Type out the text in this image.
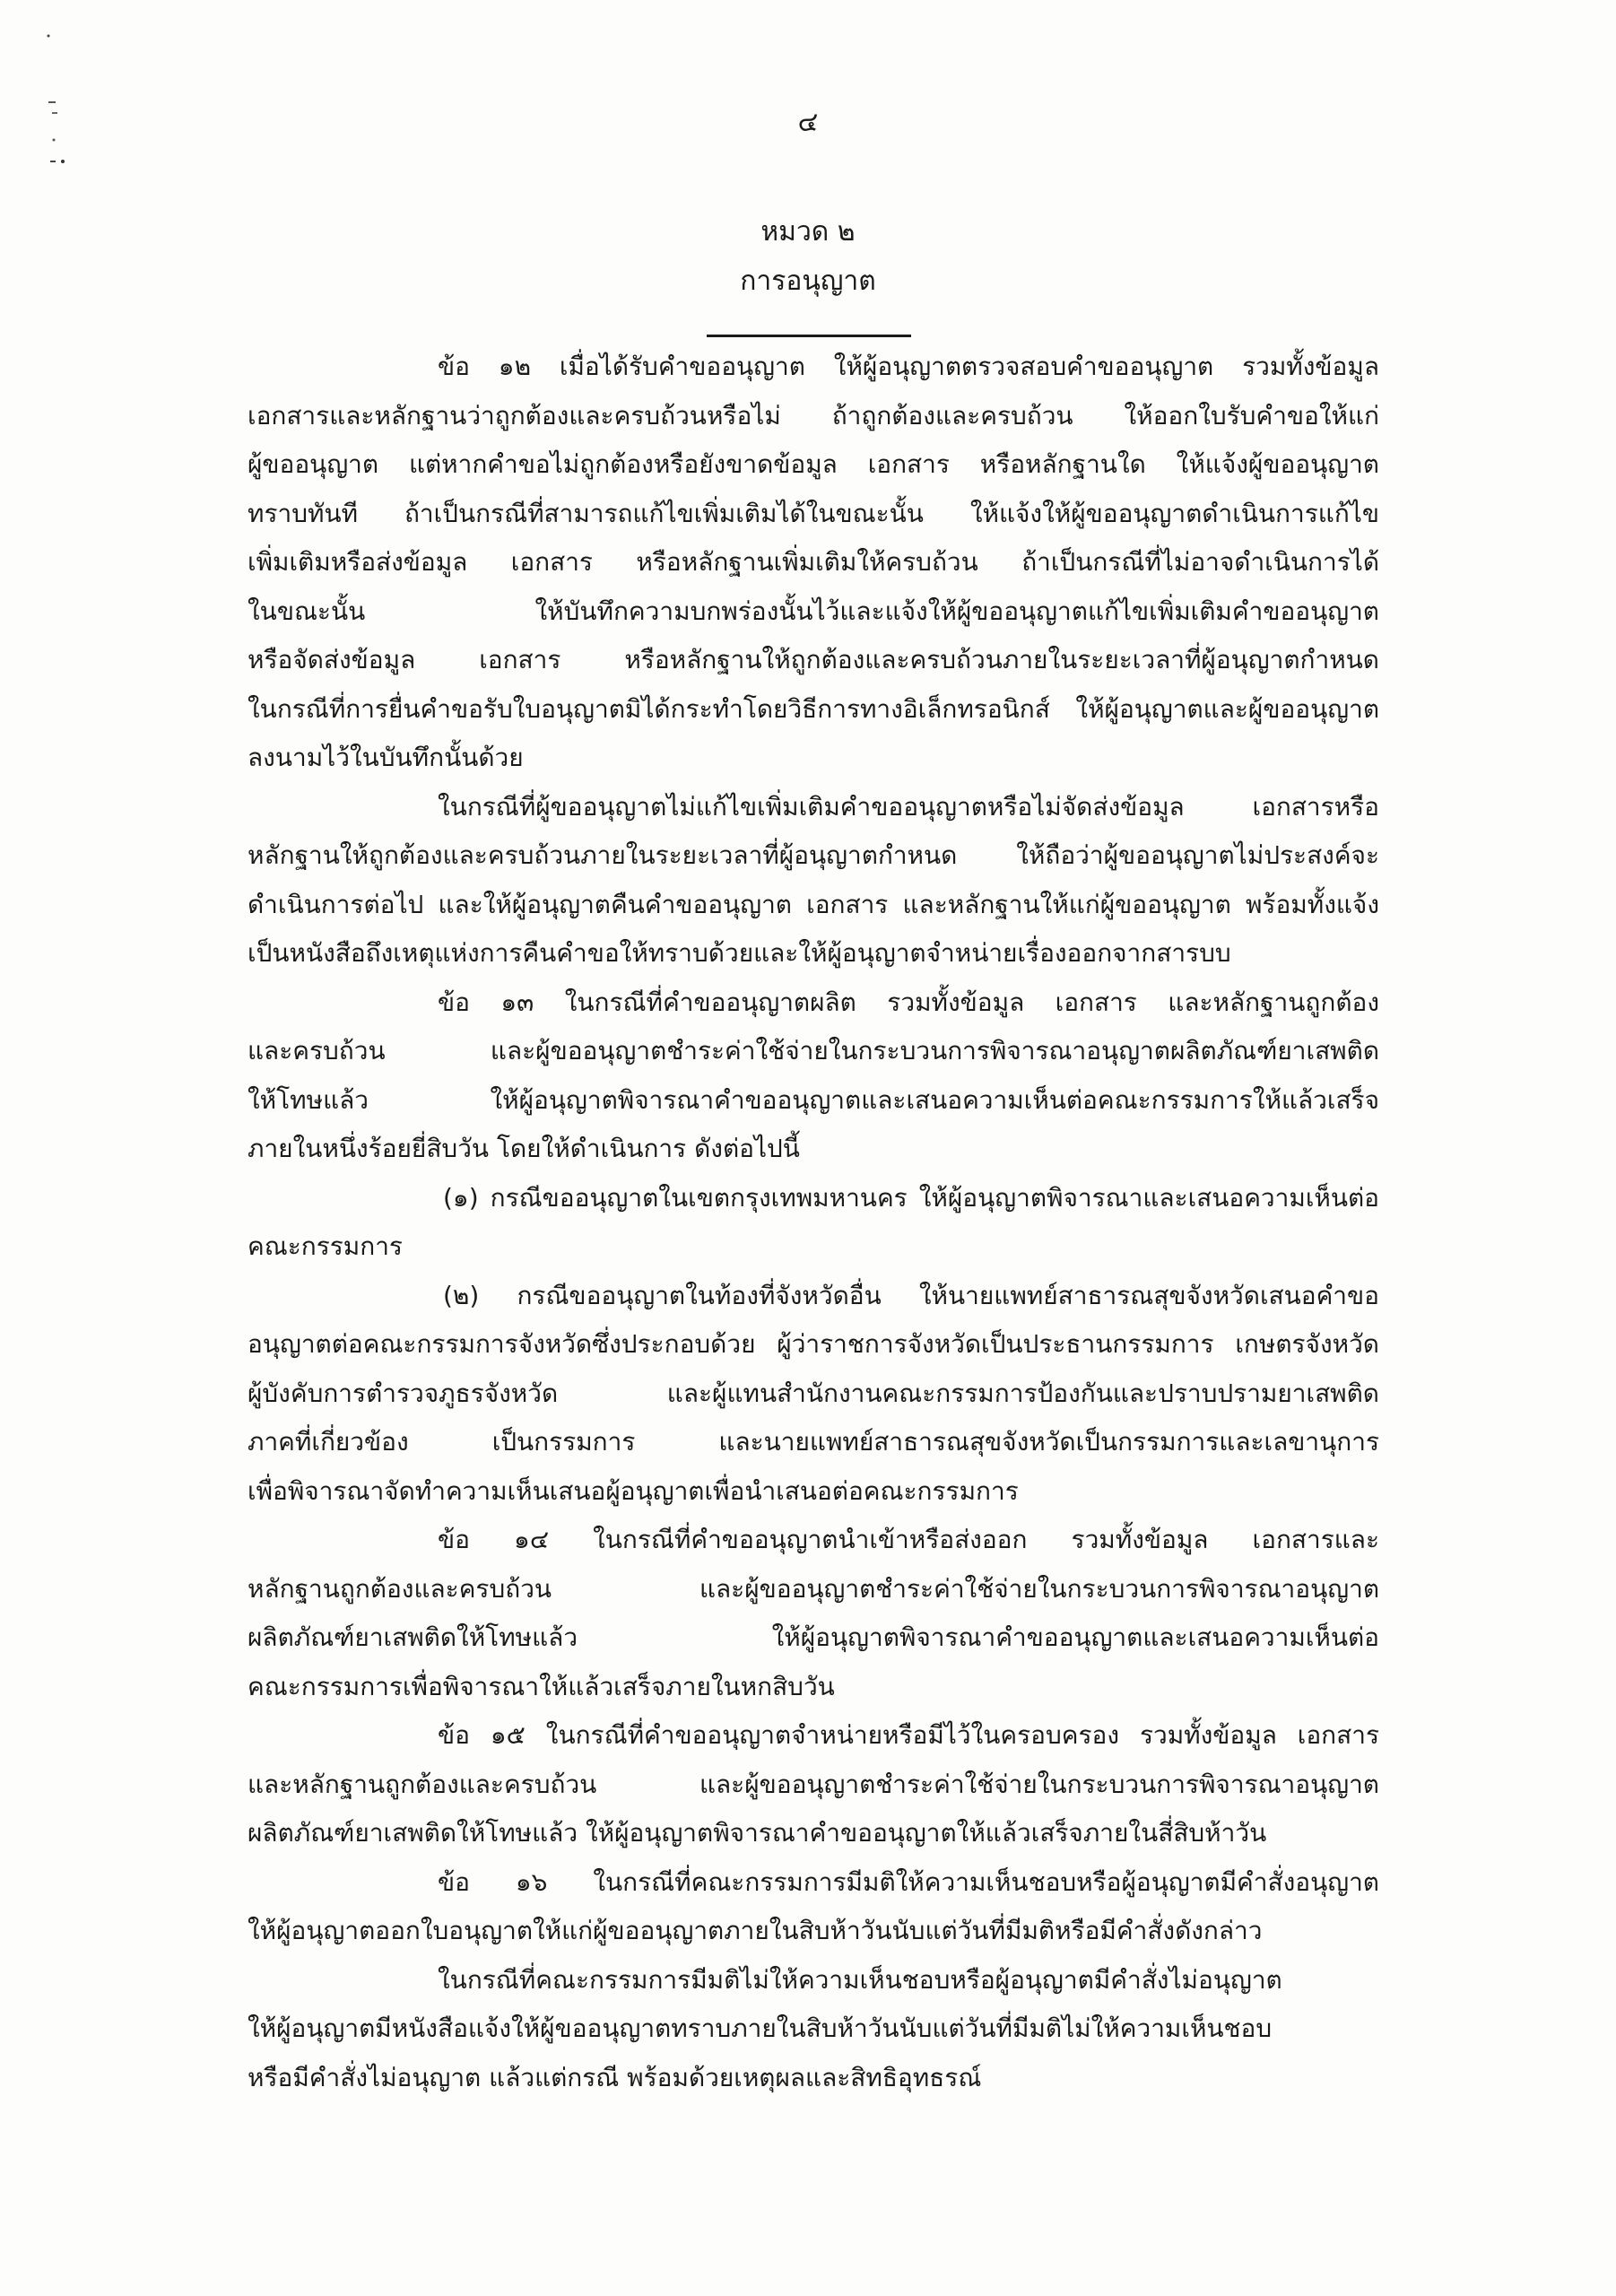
๔
หมวด ๒
การอนุญาต
ข้อ ๑๒ เมื่อได้รับคำขออนุญาต ให้ผู้อนุญาตตรวจสอบคำขออนุญาต รวมทั้งข้อมูล
เอกสารและหลักฐานว่าถูกต้องและครบถ้วนหรือไม่ ถ้าถูกต้องและครบถ้วน ให้ออกใบรับคำขอให้แก่
ผู้ขออนุญาต แต่หากคำขอไม่ถูกต้องหรือยังขาดข้อมูล เอกสาร หรือหลักฐานใด ให้แจ้งผู้ขออนุญาต
ทราบทันที ถ้าเป็นกรณีที่สามารถแก้ไขเพิ่มเติมได้ในขณะนั้น ให้แจ้งให้ผู้ขออนุญาตดำเนินการแก้ไข
เพิ่มเติมหรือส่งข้อมูล เอกสาร หรือหลักฐานเพิ่มเติมให้ครบถ้วน ถ้าเป็นกรณีที่ไม่อาจดำเนินการได้
ในขณะนั้น ให้บันทึกความบกพร่องนั้นไว้และแจ้งให้ผู้ขออนุญาตแก้ไขเพิ่มเติมคำขออนุญาต
หรือจัดส่งข้อมูล เอกสาร หรือหลักฐานให้ถูกต้องและครบถ้วนภายในระยะเวลาที่ผู้อนุญาตกำหนด
ในกรณีที่การยื่นคำขอรับใบอนุญาตมิได้กระทำโดยวิธีการทางอิเล็กทรอนิกส์ ให้ผู้อนุญาตและผู้ขออนุญาต
ลงนามไว้ในบันทึกนั้นด้วย
ในกรณีที่ผู้ขออนุญาตไม่แก้ไขเพิ่มเติมคำขออนุญาตหรือไม่จัดส่งข้อมูล เอกสารหรือ
หลักฐานให้ถูกต้องและครบถ้วนภายในระยะเวลาที่ผู้อนุญาตกำหนด ให้ถือว่าผู้ขออนุญาตไม่ประสงค์จะ
ดำเนินการต่อไป และให้ผู้อนุญาตคืนคำขออนุญาต เอกสาร และหลักฐานให้แก่ผู้ขออนุญาต พร้อมทั้งแจ้ง
เป็นหนังสือถึงเหตุแห่งการคืนคำขอให้ทราบด้วยและให้ผู้อนุญาตจำหน่ายเรื่องออกจากสารบบ
ข้อ ๑๓ ในกรณีที่คำขออนุญาตผลิต รวมทั้งข้อมูล เอกสาร และหลักฐานถูกต้อง
และครบถ้วน และผู้ขออนุญาตชำระค่าใช้จ่ายในกระบวนการพิจารณาอนุญาตผลิตภัณฑ์ยาเสพติด
ให้โทษแล้ว ให้ผู้อนุญาตพิจารณาคำขออนุญาตและเสนอความเห็นต่อคณะกรรมการให้แล้วเสร็จ
ภายในหนึ่งร้อยยี่สิบวัน โดยให้ดำเนินการ ดังต่อไปนี้
(๑) กรณีขออนุญาตในเขตกรุงเทพมหานคร ให้ผู้อนุญาตพิจารณาและเสนอความเห็นต่อ
คณะกรรมการ
(๒) กรณีขออนุญาตในท้องที่จังหวัดอื่น ให้นายแพทย์สาธารณสุขจังหวัดเสนอคำขอ
อนุญาตต่อคณะกรรมการจังหวัดซึ่งประกอบด้วย ผู้ว่าราชการจังหวัดเป็นประธานกรรมการ เกษตรจังหวัด
ผู้บังคับการตำรวจภูธรจังหวัด และผู้แทนสำนักงานคณะกรรมการป้องกันและปราบปรามยาเสพติด
ภาคที่เกี่ยวข้อง เป็นกรรมการ และนายแพทย์สาธารณสุขจังหวัดเป็นกรรมการและเลขานุการ
เพื่อพิจารณาจัดทำความเห็นเสนอผู้อนุญาตเพื่อนำเสนอต่อคณะกรรมการ
ข้อ ๑๔ ในกรณีที่คำขออนุญาตนำเข้าหรือส่งออก รวมทั้งข้อมูล เอกสารและ
หลักฐานถูกต้องและครบถ้วน และผู้ขออนุญาตชำระค่าใช้จ่ายในกระบวนการพิจารณาอนุญาต
ผลิตภัณฑ์ยาเสพติดให้โทษแล้ว ให้ผู้อนุญาตพิจารณาคำขออนุญาตและเสนอความเห็นต่อ
คณะกรรมการเพื่อพิจารณาให้แล้วเสร็จภายในหกสิบวัน
ข้อ ๑๕ ในกรณีที่คำขออนุญาตจำหน่ายหรือมีไว้ในครอบครอง รวมทั้งข้อมูล เอกสาร
และหลักฐานถูกต้องและครบถ้วน และผู้ขออนุญาตชำระค่าใช้จ่ายในกระบวนการพิจารณาอนุญาต
ผลิตภัณฑ์ยาเสพติดให้โทษแล้ว ให้ผู้อนุญาตพิจารณาคำขออนุญาตให้แล้วเสร็จภายในสี่สิบห้าวัน
ข้อ ๑๖ ในกรณีที่คณะกรรมการมีมติให้ความเห็นชอบหรือผู้อนุญาตมีคำสั่งอนุญาต
ให้ผู้อนุญาตออกใบอนุญาตให้แก่ผู้ขออนุญาตภายในสิบห้าวันนับแต่วันที่มีมติหรือมีคำสั่งดังกล่าว
ในกรณีที่คณะกรรมการมีมติไม่ให้ความเห็นชอบหรือผู้อนุญาตมีคำสั่งไม่อนุญาต
ให้ผู้อนุญาตมีหนังสือแจ้งให้ผู้ขออนุญาตทราบภายในสิบห้าวันนับแต่วันที่มีมติไม่ให้ความเห็นชอบ
หรือมีคำสั่งไม่อนุญาต แล้วแต่กรณี พร้อมด้วยเหตุผลและสิทธิอุทธรณ์
